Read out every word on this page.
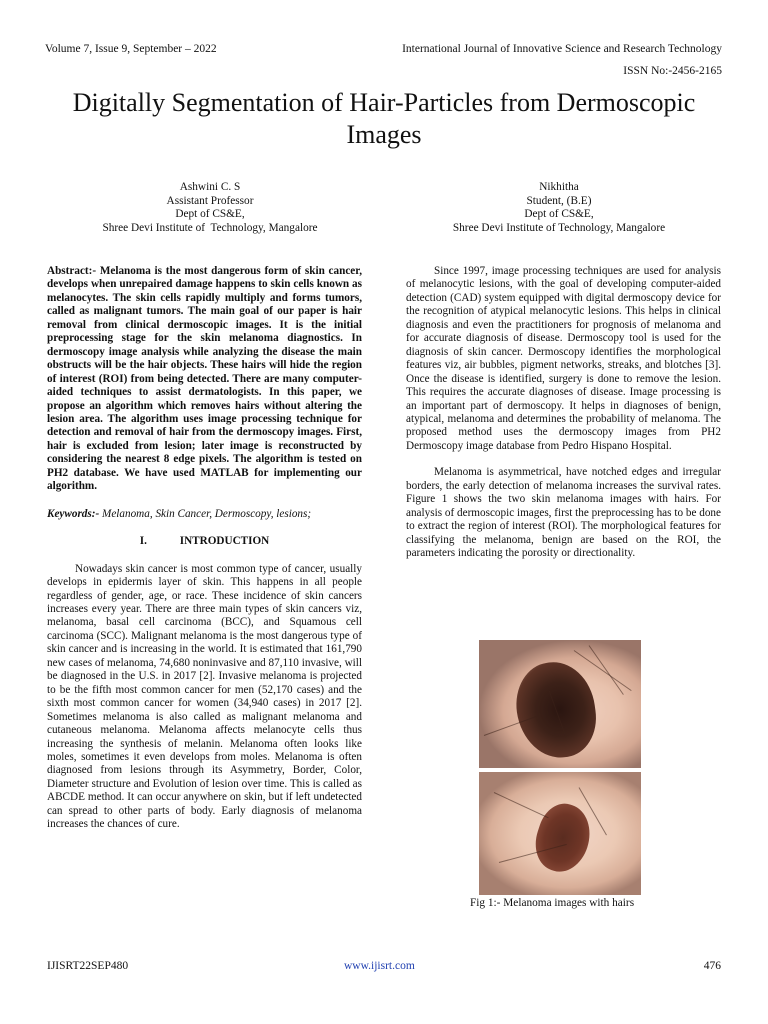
Volume 7, Issue 9, September – 2022	International Journal of Innovative Science and Research Technology
ISSN No:-2456-2165
Digitally Segmentation of Hair-Particles from Dermoscopic Images
Ashwini C. S
Assistant Professor
Dept of CS&E,
Shree Devi Institute of  Technology, Mangalore
Nikhitha
Student, (B.E)
Dept of CS&E,
Shree Devi Institute of Technology, Mangalore

Abstract:- Melanoma is the most dangerous form of skin cancer, develops when unrepaired damage happens to skin cells known as melanocytes. The skin cells rapidly multiply and forms tumors, called as malignant tumors. The main goal of our paper is hair removal from clinical dermoscopic images. It is the initial preprocessing stage for the skin melanoma diagnostics. In dermoscopy image analysis while analyzing the disease the main obstructs will be the hair objects. These hairs will hide the region of interest (ROI) from being detected. There are many computer-aided techniques to assist dermatologists. In this paper, we propose an algorithm which removes hairs without altering the lesion area. The algorithm uses image processing technique for detection and removal of hair from the dermoscopy images. First, hair is excluded from lesion; later image is reconstructed by considering the nearest 8 edge pixels. The algorithm is tested on PH2 database. We have used MATLAB for implementing our algorithm.

Keywords:- Melanoma, Skin Cancer, Dermoscopy, lesions;

I.	INTRODUCTION

Nowadays skin cancer is most common type of cancer, usually develops in epidermis layer of skin. This happens in all people regardless of gender, age, or race. These incidence of skin cancers increases every year. There are three main types of skin cancers viz, melanoma, basal cell carcinoma (BCC), and Squamous cell carcinoma (SCC). Malignant melanoma is the most dangerous type of skin cancer and is increasing in the world. It is estimated that 161,790 new cases of melanoma, 74,680 noninvasive and 87,110 invasive, will be diagnosed in the U.S. in 2017 [2]. Invasive melanoma is projected to be the fifth most common cancer for men (52,170 cases) and the sixth most common cancer for women (34,940 cases) in 2017 [2]. Sometimes melanoma is also called as malignant melanoma and cutaneous melanoma. Melanoma affects melanocyte cells thus increasing the synthesis of melanin. Melanoma often looks like moles, sometimes it even develops from moles. Melanoma is often diagnosed from lesions through its Asymmetry, Border, Color, Diameter structure and Evolution of lesion over time. This is called as ABCDE method. It can occur anywhere on skin, but if left undetected can spread to other parts of body. Early diagnosis of melanoma increases the chances of cure.

Since 1997, image processing techniques are used for analysis of melanocytic lesions, with the goal of developing computer-aided detection (CAD) system equipped with digital dermoscopy device for the recognition of atypical melanocytic lesions. This helps in clinical diagnosis and even the practitioners for prognosis of melanoma and for accurate diagnosis of disease. Dermoscopy tool is used for the diagnosis of skin cancer. Dermoscopy identifies the morphological features viz, air bubbles, pigment networks, streaks, and blotches [3]. Once the disease is identified, surgery is done to remove the lesion. This requires the accurate diagnoses of disease. Image processing is an important part of dermoscopy. It helps in diagnoses of benign, atypical, melanoma and determines the probability of melanoma. The proposed method uses the dermoscopy images from PH2 Dermoscopy image database from Pedro Hispano Hospital.

Melanoma is asymmetrical, have notched edges and irregular borders, the early detection of melanoma increases the survival rates. Figure 1 shows the two skin melanoma images with hairs. For analysis of dermoscopic images, first the preprocessing has to be done to extract the region of interest (ROI). The morphological features for classifying the melanoma, benign are based on the ROI, the parameters indicating the porosity or directionality.

Fig 1:- Melanoma images with hairs
IJISRT22SEP480	www.ijisrt.com	476
